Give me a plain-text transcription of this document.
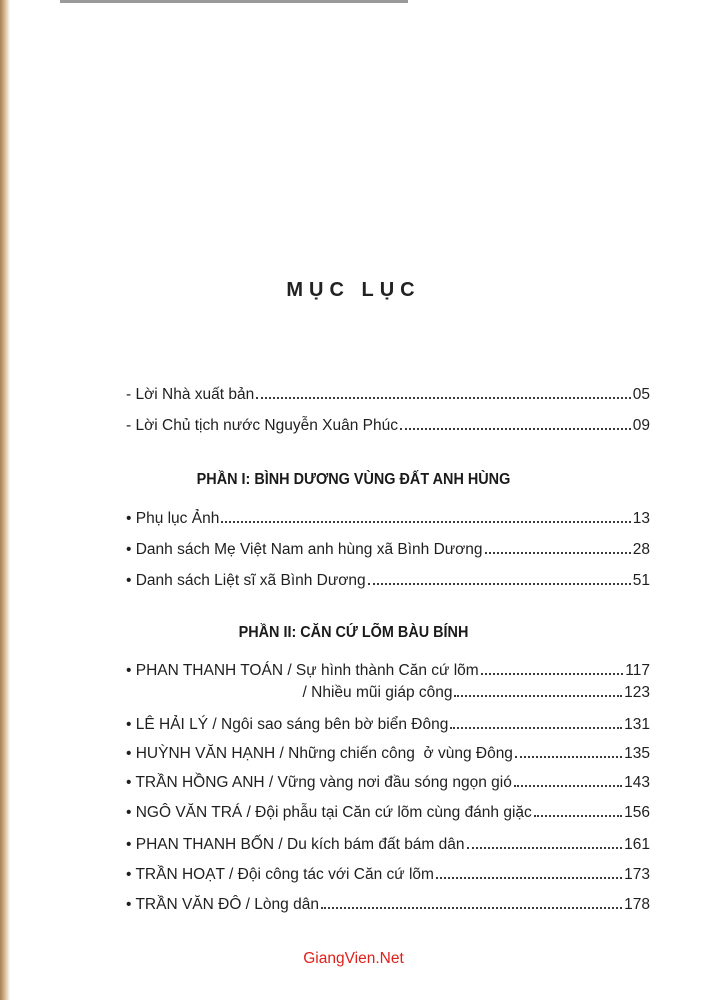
MỤC LỤC
- Lời Nhà xuất bản	05
- Lời Chủ tịch nước Nguyễn Xuân Phúc	09
PHẦN I: BÌNH DƯƠNG VÙNG ĐẤT ANH HÙNG
• Phụ lục Ảnh	13
• Danh sách Mẹ Việt Nam anh hùng xã Bình Dương	28
• Danh sách Liệt sĩ xã Bình Dương	51
PHẦN II: CĂN CỨ LÕM BÀU BÍNH
• PHAN THANH TOÁN / Sự hình thành Căn cứ lõm	117
/ Nhiều mũi giáp công	123
• LÊ HẢI LÝ / Ngôi sao sáng bên bờ biển Đông	131
• HUỲNH VĂN HẠNH / Những chiến công  ở vùng Đông	135
• TRẦN HỒNG ANH / Vững vàng nơi đầu sóng ngọn gió	143
• NGÔ VĂN TRÁ / Đội phẫu tại Căn cứ lõm cùng đánh giặc	156
• PHAN THANH BỐN / Du kích bám đất bám dân	161
• TRẦN HOẠT / Đội công tác với Căn cứ lõm	173
• TRẦN VĂN ĐÔ / Lòng dân	178
GiangVien.Net
